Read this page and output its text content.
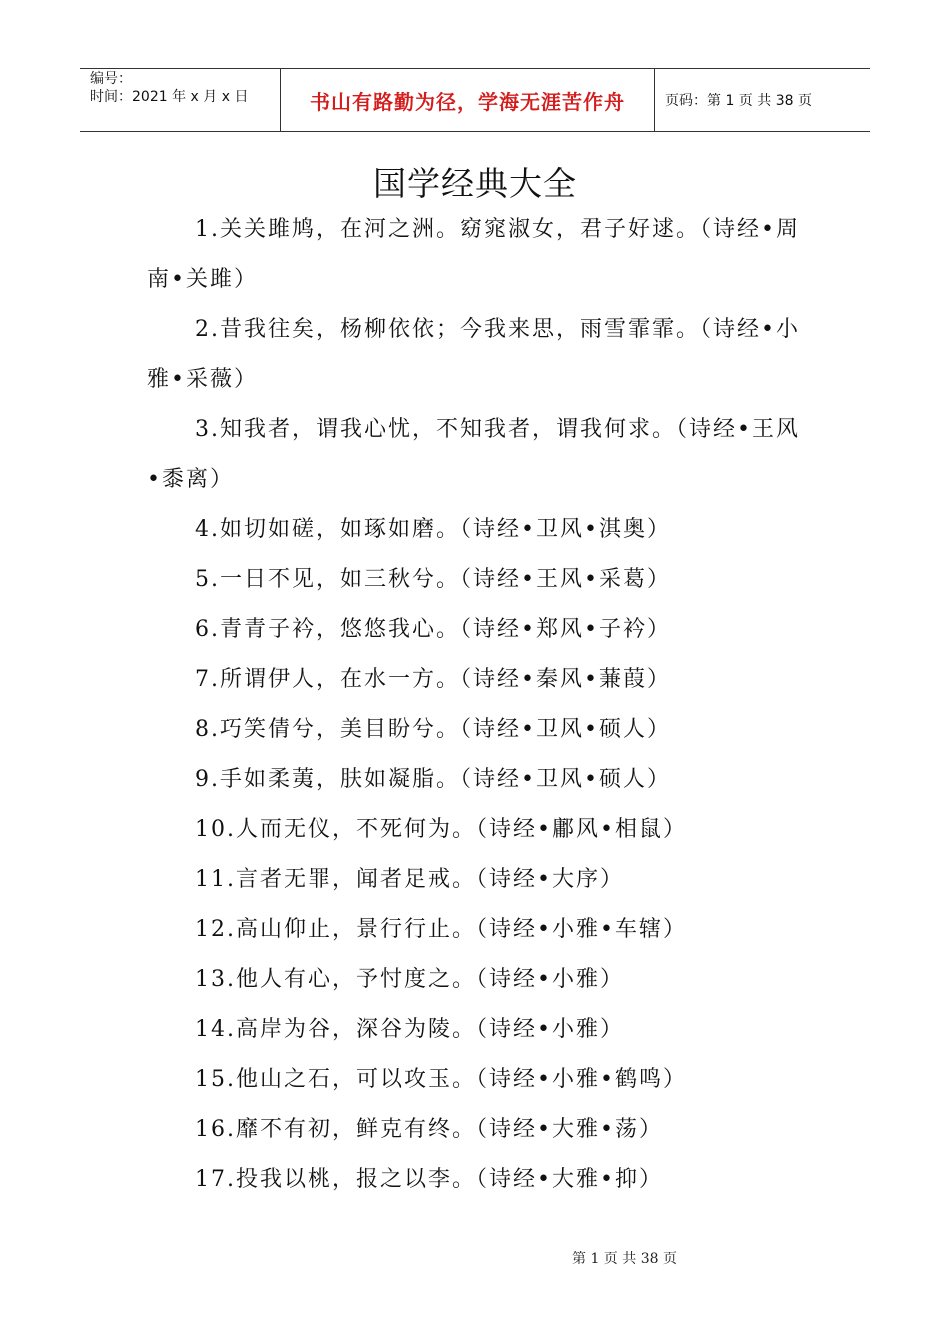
编号：
时间：2021 年 x 月 x 日	书山有路勤为径，学海无涯苦作舟	页码：第 1 页 共 38 页
国学经典大全

1.关关雎鸠，在河之洲。窈窕淑女，君子好逑。（诗经•周南•关雎）

2.昔我往矣，杨柳依依；今我来思，雨雪霏霏。（诗经•小雅•采薇）

3.知我者，谓我心忧，不知我者，谓我何求。（诗经•王风•黍离）

4.如切如磋，如琢如磨。（诗经•卫风•淇奥）

5.一日不见，如三秋兮。（诗经•王风•采葛）

6.青青子衿，悠悠我心。（诗经•郑风•子衿）

7.所谓伊人，在水一方。（诗经•秦风•蒹葭）

8.巧笑倩兮，美目盼兮。（诗经•卫风•硕人）

9.手如柔荑，肤如凝脂。（诗经•卫风•硕人）

10.人而无仪，不死何为。（诗经•鄘风•相鼠）

11.言者无罪，闻者足戒。（诗经•大序）

12.高山仰止，景行行止。（诗经•小雅•车辖）

13.他人有心，予忖度之。（诗经•小雅）

14.高岸为谷，深谷为陵。（诗经•小雅）

15.他山之石，可以攻玉。（诗经•小雅•鹤鸣）

16.靡不有初，鲜克有终。（诗经•大雅•荡）

17.投我以桃，报之以李。（诗经•大雅•抑）

第 1 页 共 38 页
